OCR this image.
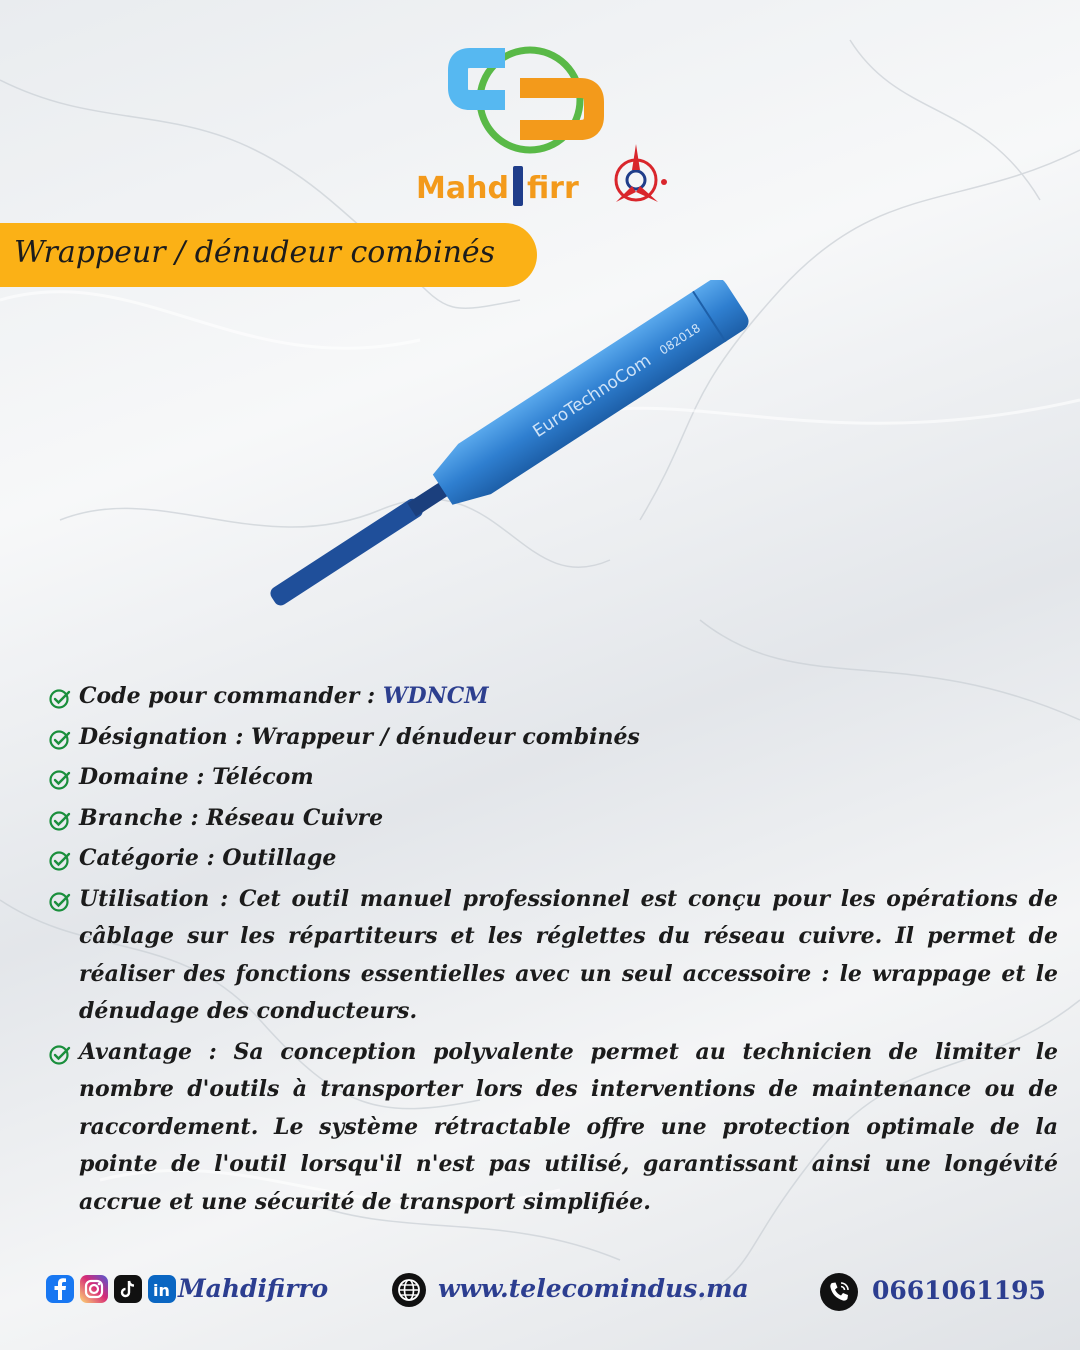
Mahd firr
Wrappeur / dénudeur combinés
EuroTechnoCom
082018
Code pour commander : WDNCM
Désignation : Wrappeur / dénudeur combinés
Domaine : Télécom
Branche : Réseau Cuivre
Catégorie : Outillage
Utilisation : Cet outil manuel professionnel est conçu pour les opérations de câblage sur les répartiteurs et les réglettes du réseau cuivre. Il permet de réaliser des fonctions essentielles avec un seul accessoire : le wrappage et le dénudage des conducteurs.
Avantage : Sa conception polyvalente permet au technicien de limiter le nombre d'outils à transporter lors des interventions de maintenance ou de raccordement. Le système rétractable offre une protection optimale de la pointe de l'outil lorsqu'il n'est pas utilisé, garantissant ainsi une longévité accrue et une sécurité de transport simplifiée.
in Mahdifirro	www.telecomindus.ma	0661061195
